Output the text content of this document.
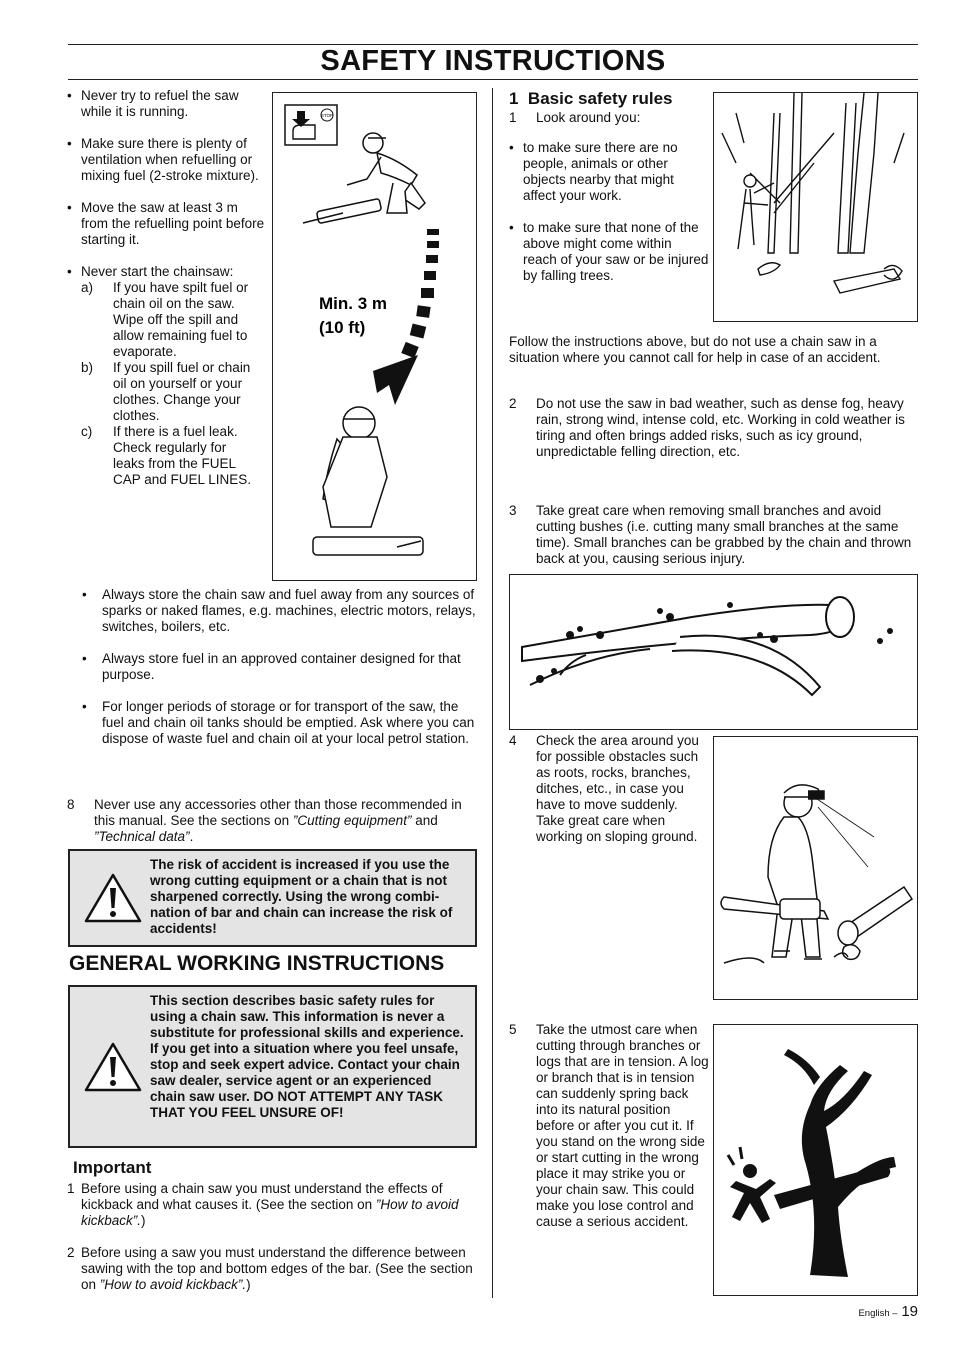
SAFETY INSTRUCTIONS
• Never try to refuel the saw while it is running.
• Make sure there is plenty of ventilation when refuelling or mixing fuel (2-stroke mixture).
• Move the saw at least 3 m from the refuelling point before starting it.
• Never start the chainsaw:
a)	If you have spilt fuel or chain oil on the saw. Wipe off the spill and allow remaining fuel to evaporate.
b)	If you spill fuel or chain oil on yourself or your clothes. Change your clothes.
c)	If there is a fuel leak. Check regularly for leaks from the FUEL CAP and FUEL LINES.
STOP
Min. 3 m (10 ft)
• Always store the chain saw and fuel away from any sources of sparks or naked flames, e.g. machines, electric motors, relays, switches, boilers, etc.
• Always store fuel in an approved container designed for that purpose.
• For longer periods of storage or for transport of the saw, the fuel and chain oil tanks should be emptied. Ask where you can dispose of waste fuel and chain oil at your local petrol station.
8	Never use any accessories other than those recommended in this manual. See the sections on ”Cutting equipment” and ”Technical data”.
The risk of accident is increased if you use the wrong cutting equipment or a chain that is not sharpened correctly. Using the wrong combi-nation of bar and chain can increase the risk of accidents!
GENERAL WORKING INSTRUCTIONS
This section describes basic safety rules for using a chain saw. This information is never a substitute for professional skills and experience. If you get into a situation where you feel unsafe, stop and seek expert advice. Contact your chain saw dealer, service agent or an experienced chain saw user. DO NOT ATTEMPT ANY TASK THAT YOU FEEL UNSURE OF!
Important
1 Before using a chain saw you must understand the effects of kickback and what causes it. (See the section on ”How to avoid kickback”.)
2 Before using a saw you must understand the difference between sawing with the top and bottom edges of the bar. (See the section on ”How to avoid kickback”.)
1 Basic safety rules
1	Look around you:
• to make sure there are no people, animals or other objects nearby that might affect your work.
• to make sure that none of the above might come within reach of your saw or be injured by falling trees.
Follow the instructions above, but do not use a chain saw in a situation where you cannot call for help in case of an accident.
2	Do not use the saw in bad weather, such as dense fog, heavy rain, strong wind, intense cold, etc. Working in cold weather is tiring and often brings added risks, such as icy ground, unpredictable felling direction, etc.
3	Take great care when removing small branches and avoid cutting bushes (i.e. cutting many small branches at the same time). Small branches can be grabbed by the chain and thrown back at you, causing serious injury.
4	Check the area around you for possible obstacles such as roots, rocks, branches, ditches, etc., in case you have to move suddenly. Take great care when working on sloping ground.
5	Take the utmost care when cutting through branches or logs that are in tension. A log or branch that is in tension can suddenly spring back into its natural position before or after you cut it. If you stand on the wrong side or start cutting in the wrong place it may strike you or your chain saw. This could make you lose control and cause a serious accident.
English – 19
